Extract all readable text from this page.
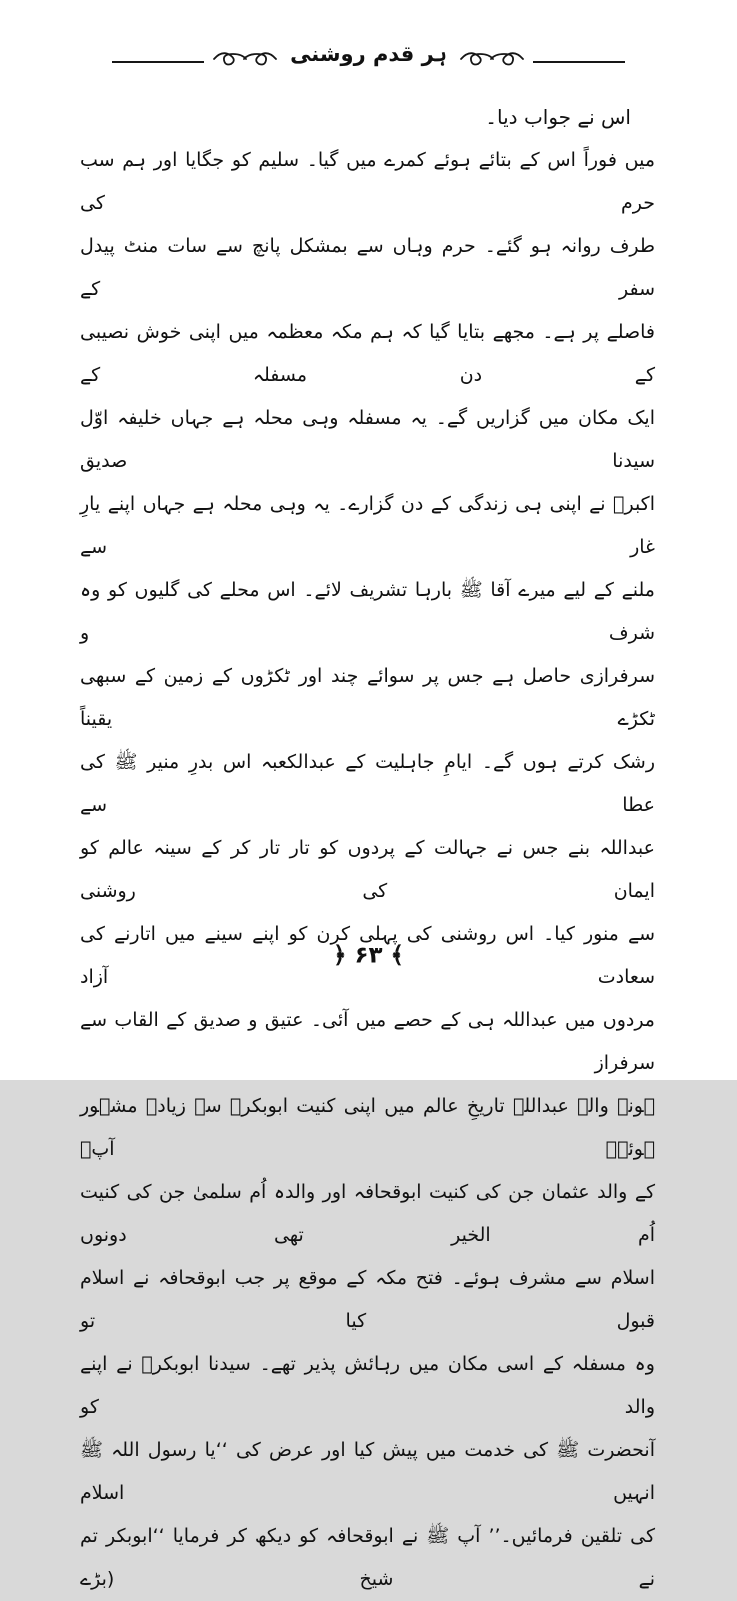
ہر قدم روشنی

اس نے جواب دیا۔

میں فوراً اس کے بتائے ہوئے کمرے میں گیا۔ سلیم کو جگایا اور ہم سب حرم کی

طرف روانہ ہو گئے۔ حرم وہاں سے بمشکل پانچ سے سات منٹ پیدل سفر کے

فاصلے پر ہے۔ مجھے بتایا گیا کہ ہم مکہ معظمہ میں اپنی خوش نصیبی کے دن مسفلہ کے

ایک مکان میں گزاریں گے۔ یہ مسفلہ وہی محلہ ہے جہاں خلیفہ اوّل سیدنا صدیق

اکبرؓ نے اپنی ہی زندگی کے دن گزارے۔ یہ وہی محلہ ہے جہاں اپنے یارِ غار سے

ملنے کے لیے میرے آقا ﷺ بارہا تشریف لائے۔ اس محلے کی گلیوں کو وہ شرف و

سرفرازی حاصل ہے جس پر سوائے چند اور ٹکڑوں کے زمین کے سبھی ٹکڑے یقیناً

رشک کرتے ہوں گے۔ ایامِ جاہلیت کے عبدالکعبہ اس بدرِ منیر ﷺ کی عطا سے

عبداللہ بنے جس نے جہالت کے پردوں کو تار تار کر کے سینہ عالم کو ایمان کی روشنی

سے منور کیا۔ اس روشنی کی پہلی کرن کو اپنے سینے میں اتارنے کی سعادت آزاد

مردوں میں عبداللہ ہی کے حصے میں آئی۔ عتیق و صدیق کے القاب سے سرفراز

ہونے والے عبداللہ تاریخِ عالم میں اپنی کنیت ابوبکرؓ سے زیادہ مشہور ہوئے۔ آپؓ

کے والد عثمان جن کی کنیت ابوقحافہ اور والدہ اُم سلمیٰ جن کی کنیت اُم الخیر تھی دونوں

اسلام سے مشرف ہوئے۔ فتح مکہ کے موقع پر جب ابوقحافہ نے اسلام قبول کیا تو

وہ مسفلہ کے اسی مکان میں رہائش پذیر تھے۔ سیدنا ابوبکرؓ نے اپنے والد کو

آنحضرت ﷺ کی خدمت میں پیش کیا اور عرض کی ‘‘یا رسول اللہ ﷺ انہیں اسلام

کی تلقین فرمائیں۔’’ آپ ﷺ نے ابوقحافہ کو دیکھ کر فرمایا ‘‘ابوبکر تم نے شیخ (بڑے

﴾ ۶۳ ﴿
